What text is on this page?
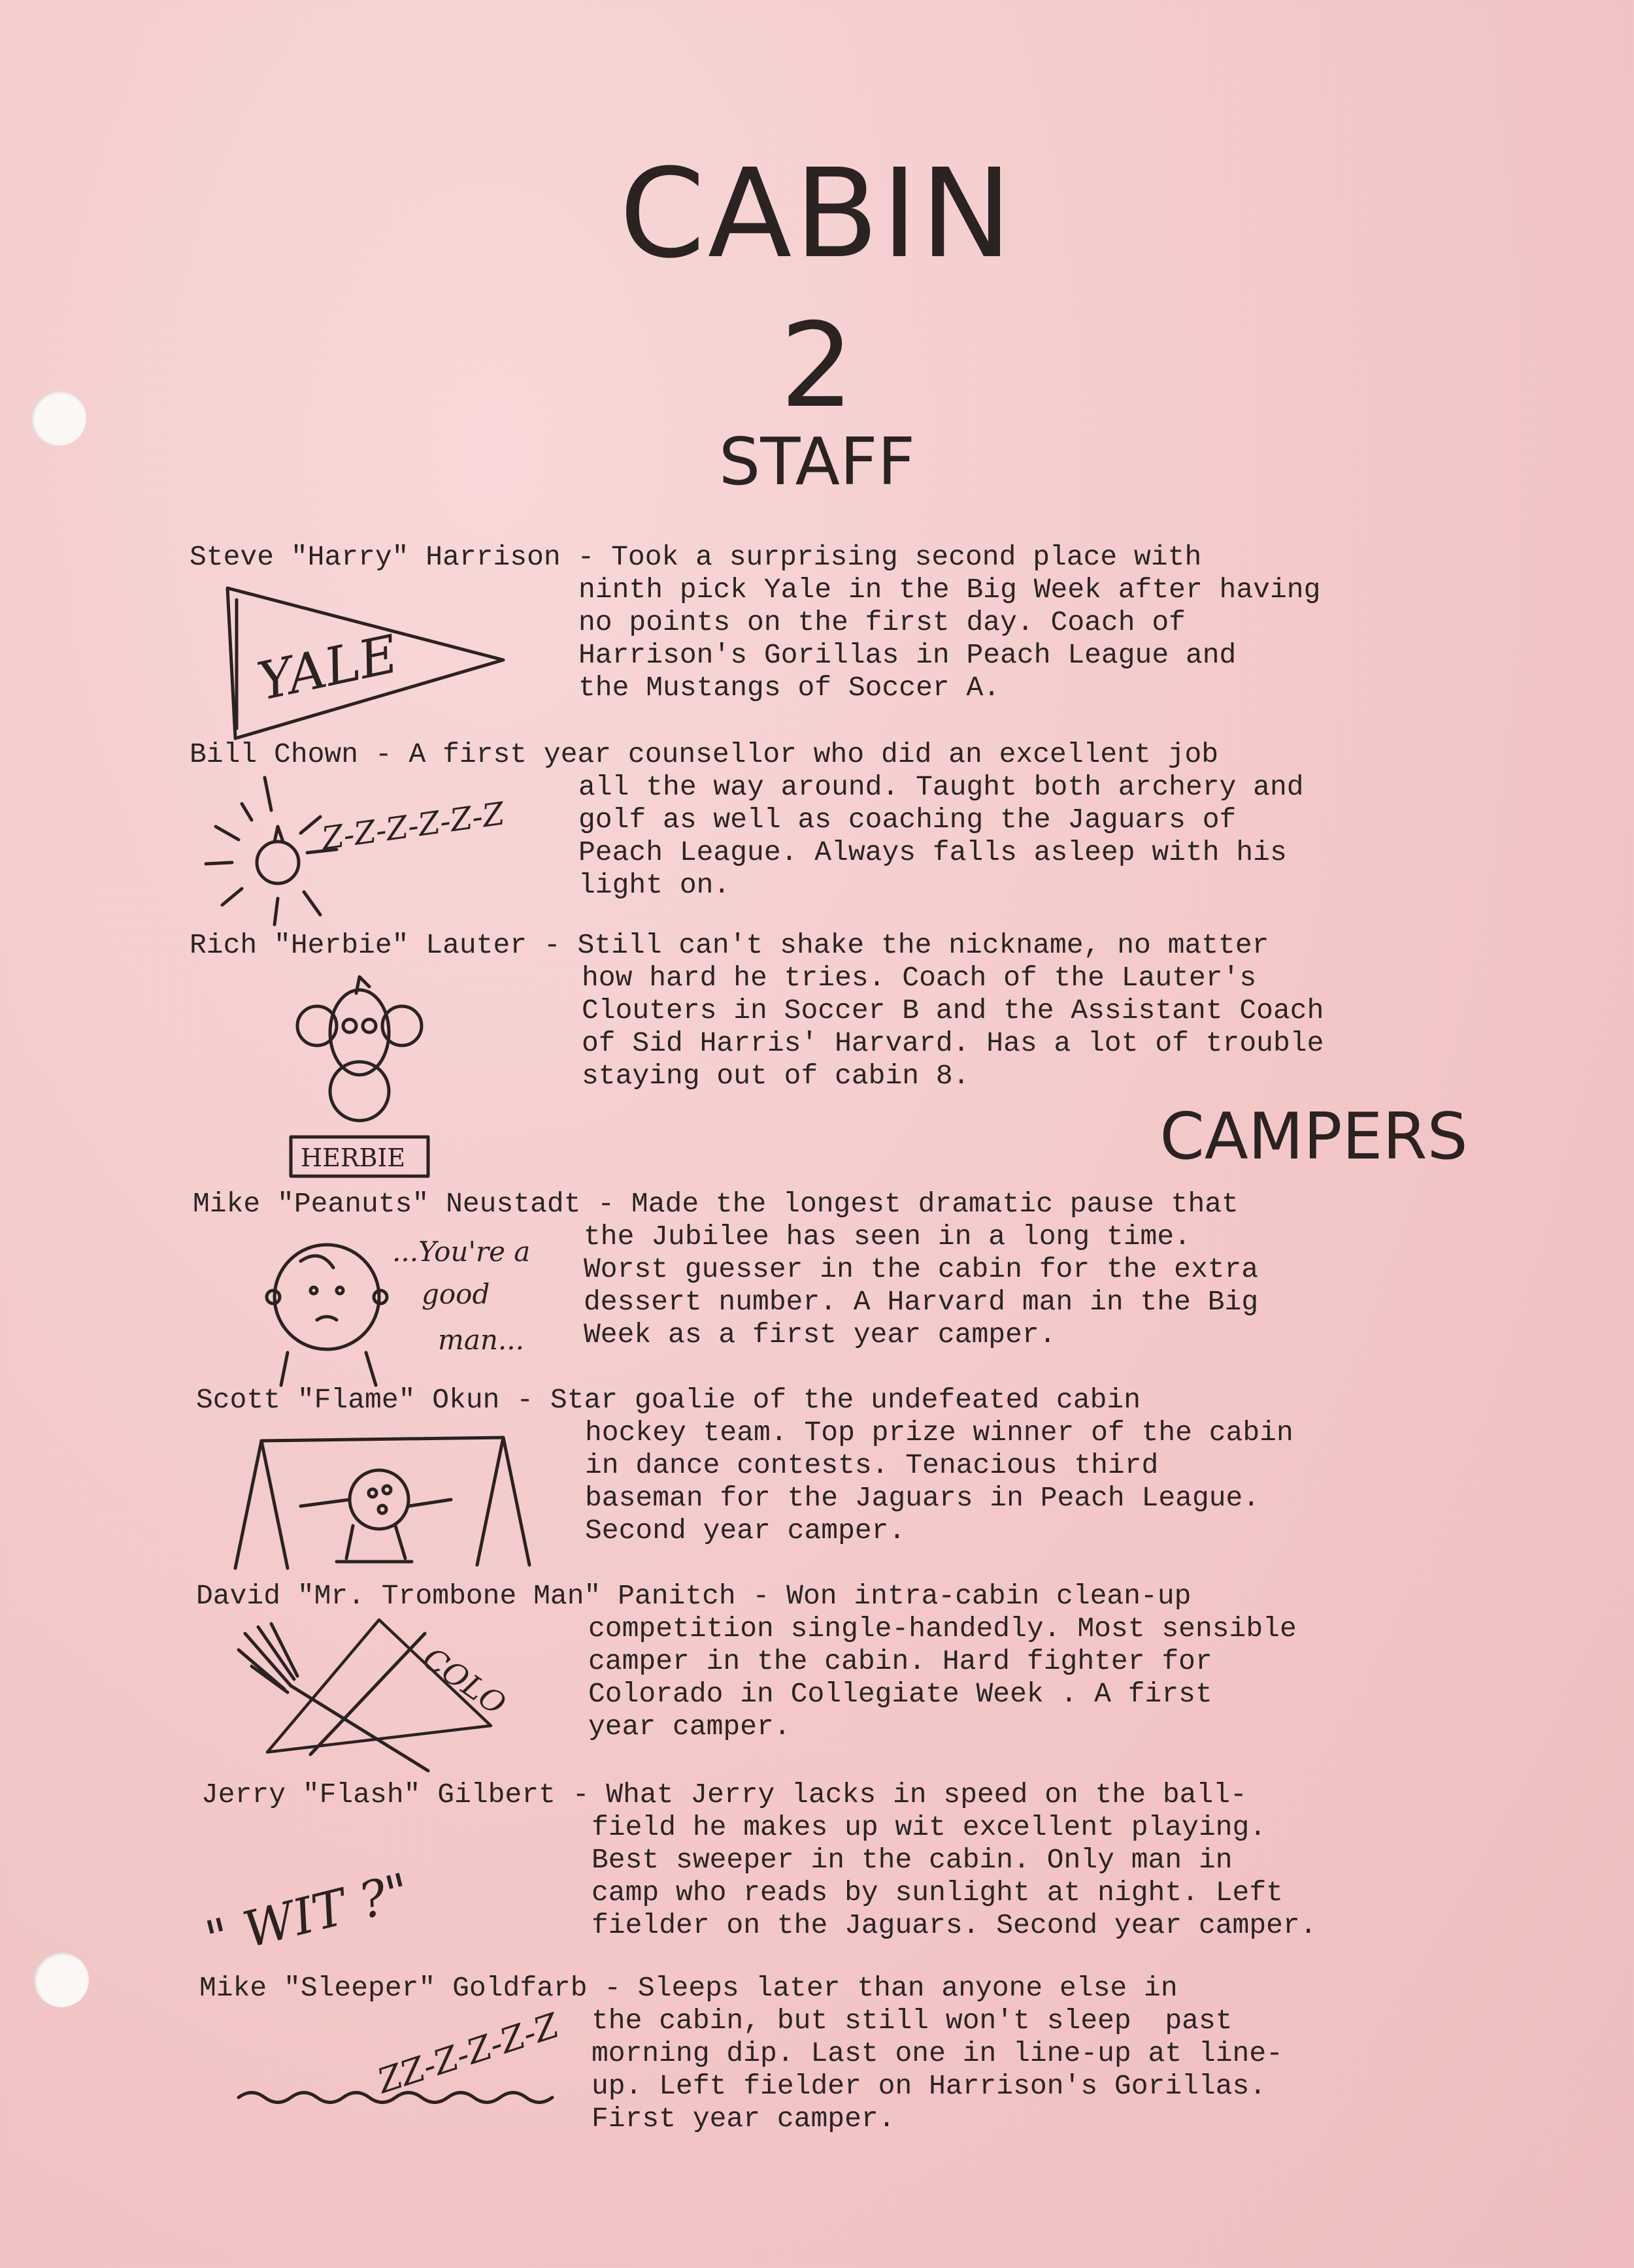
CABIN
2
STAFF
CAMPERS

Steve "Harry" Harrison - Took a surprising second place with

ninth pick Yale in the Big Week after having

no points on the first day. Coach of

Harrison's Gorillas in Peach League and

the Mustangs of Soccer A.

YALE

Bill Chown - A first year counsellor who did an excellent job

all the way around. Taught both archery and

golf as well as coaching the Jaguars of

Peach League. Always falls asleep with his

light on.

Z-Z-Z-Z-Z-Z

Rich "Herbie" Lauter - Still can't shake the nickname, no matter

how hard he tries. Coach of the Lauter's

Clouters in Soccer B and the Assistant Coach

of Sid Harris' Harvard. Has a lot of trouble

staying out of cabin 8.

HERBIE

Mike "Peanuts" Neustadt - Made the longest dramatic pause that

the Jubilee has seen in a long time.

Worst guesser in the cabin for the extra

dessert number. A Harvard man in the Big

Week as a first year camper.

...You're a
good
man...

Scott "Flame" Okun - Star goalie of the undefeated cabin

hockey team. Top prize winner of the cabin

in dance contests. Tenacious third

baseman for the Jaguars in Peach League.

Second year camper.

David "Mr. Trombone Man" Panitch - Won intra-cabin clean-up

competition single-handedly. Most sensible

camper in the cabin. Hard fighter for

Colorado in Collegiate Week . A first

year camper.

COLO

Jerry "Flash" Gilbert - What Jerry lacks in speed on the ball-

field he makes up wit excellent playing.

Best sweeper in the cabin. Only man in

camp who reads by sunlight at night. Left

fielder on the Jaguars. Second year camper.

" WIT ?"

Mike "Sleeper" Goldfarb - Sleeps later than anyone else in

the cabin, but still won't sleep  past

morning dip. Last one in line-up at line-

up. Left fielder on Harrison's Gorillas.

First year camper.

ZZ-Z-Z-Z-Z
